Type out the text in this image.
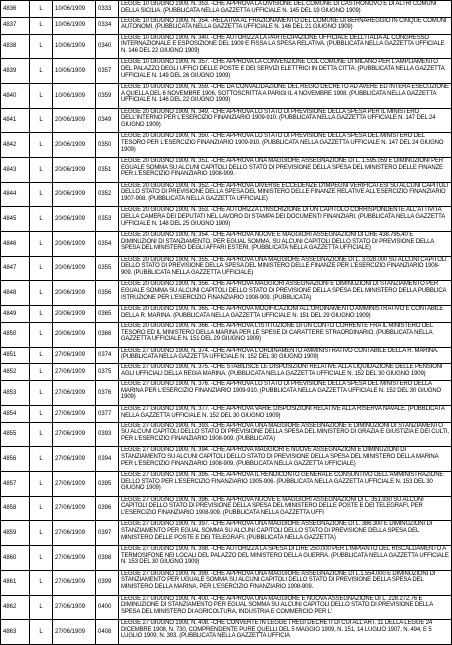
4836	L	10/06/1909	0333	LEGGE 10 GIUGNO 1909, N. 353. -CHE APPROVA LA DIVISIONE DEL COMUNE DI CASTRONOVO E DI ALTRI COMUNI DELLA SICILIA. (PUBBLICATA NELLA GAZZETTA UFFICIALE N. 145 DEL 19 GIUGNO 1909)
4837	L	10/06/1909	0334	LEGGE 10 GIUGNO 1909, N. 354. -RELATIVA AL FRAZIONAMENTO DEL COMUNE DI BERNAREGGIO IN CINQUE COMUNI AUTONOMI. (PUBBLICATA NELLA GAZZETTA UFFICIALE N. 146 DEL 21 GIUGNO 1909)
4838	L	10/06/1909	0340	LEGGE 10 GIUGNO 1909, N. 340. -CHE AUTORIZZA LA PARTECIPAZIONE UFFICIALE DELL'ITALIA AL CONGRESSO INTERNAZIONALE E ESPOSIZIONE DEL 1909 E FISSA LA SPESA RELATIVA. (PUBBLICATA NELLA GAZZETTA UFFICIALE N. 146 DEL 22 GIUGNO 1909)
4839	L	10/06/1909	0357	LEGGE 10 GIUGNO 1909, N. 357. -CHE APPROVA LA CONVENZIONE COL COMUNE DI MILANO PER L'AMPLIAMENTO DEL PALAZZO DEGLI UFFICI DELLE POSTE E DEI SERVIZI ELETTRICI IN DETTA CITTA. (PUBBLICATA NELLA GAZZETTA UFFICIALE N. 149 DEL 26 GIUGNO 1909)
4840	L	10/06/1909	0359	LEGGE 10 GIUGNO 1909, N. 359. -CHE DA CONVALIDAZIONE DEL REGIO DECRETO AD AVERE ED INTERA ESECUZIONE A QUELLA DEL 6 NOVEMBRE 1906, SOTTOSCRITTA A PARIGI IL 4 NOVEMBRE 1908. (PUBBLICATA NELLA GAZZETTA UFFICIALE N. 146 DEL 22 GIUGNO 1909)
4841	L	20/06/1909	0349	LEGGE 20 GIUGNO 1909, N. 349. -CHE APPROVA LO STATO DI PREVISIONE DELLA SPESA PER IL MINISTERO DELL'INTERNO PER L'ESERCIZIO FINANZIARIO 1909-910. (PUBBLICATA NELLA GAZZETTA UFFICIALE N. 147 DEL 24 GIUGNO 1909)
4842	L	20/06/1909	0350	LEGGE 20 GIUGNO 1909, N. 350. -CHE APPROVA LO STATO DI PREVISIONE DELLA SPESA DEL MINISTERO DEL TESORO PER L'ESERCIZIO FINANZIARIO 1909-910. (PUBBLICATA NELLA GAZZETTA UFFICIALE N. 147 DEL 24 GIUGNO 1909)
4843	L	20/06/1909	0351	LEGGE 20 GIUGNO 1909, N. 351. -CHE APPROVA UNA MAGGIORE ASSEGNAZIONE DI L. 1.595.059 E DIMINUZIONI PER EGUALE SOMMA SU ALCUNI CAPITOLI DELLO STATO DI PREVISIONE DELLA SPESA DEL MINISTERO DELLE FINANZE PER L'ESERCIZIO FINANZIARIO 1908-909.
4844	L	20/06/1909	0352	LEGGE 20 GIUGNO 1909, N. 352. -CHE APPROVA DIVERSE ECCEDENZE D'IMPEGNI VERIFICATESI SU ALCUNI CAPITOLI DELLO STATO DI PREVISIONE DELLA SPESA DEL MINISTERO DELLE FINANZE RELATIVE ALL'ESERCIZIO FINANZIARIO 1907-908. (PUBBLICATA NELLA GAZZETTA UFFICIALE)
4845	L	20/06/1909	0353	LEGGE 20 GIUGNO 1909, N. 353. -CHE AUTORIZZA L'INSCRIZIONE DI UN CAPITOLO CORRISPONDENTE ALL'ATTIVITA DELLA CAMERA DEI DEPUTATI NEL LAVORO DI STAMPA DEI DOCUMENTI FINANZIARI. (PUBBLICATA NELLA GAZZETTA UFFICIALE N. 148 DEL 25 GIUGNO 1909)
4846	L	20/06/1909	0354	LEGGE 20 GIUGNO 1909, N. 354. -CHE APPROVA NUOVE E MAGGIORI ASSEGNAZIONI DI LIRE 438.795,40 E DIMINUZIONI DI STANZIAMENTO, PER EGUAL SOMMA, SU ALCUNI CAPITOLI DELLO STATO DI PREVISIONE DELLA SPESA DEL MINISTERO DEGLI AFFARI ESTERI. (PUBBLICATA NELLA GAZZETTA UFFICIALE)
4847	L	20/06/1909	0355	LEGGE 20 GIUGNO 1909, N. 355. -CHE APPROVA UNA MAGGIORE ASSEGNAZIONE DI L. 3.028.000 SU ALCUNI CAPITOLI DELLO STATO DI PREVISIONE DELLA SPESA DEL MINISTERO DELLE FINANZE PER L'ESERCIZIO FINANZIARIO 1908-909. (PUBBLICATA NELLA GAZZETTA UFFICIALE)
4848	L	20/06/1909	0356	LEGGE 20 GIUGNO 1909, N. 356. -CHE APPROVA MAGGIORI ASSEGNAZIONI E DIMINUZIONI DI STANZIAMENTO PER EGUALE SOMMA SU ALCUNI CAPITOLI DELLO STATO DI PREVISIONE DELLA SPESA DEL MINISTERO DELLA PUBBLICA ISTRUZIONE PER L'ESERCIZIO FINANZIARIO 1908-909. (PUBBLICATA)
4849	L	20/06/1909	0365	LEGGE 20 GIUGNO 1909, N. 365. -CHE APPROVA MODIFICAZIONI ALL'ORDINAMENTO AMMINISTRATIVO E CONTABILE DELLA R. MARINA. (PUBBLICATA NELLA GAZZETTA UFFICIALE N. 151 DEL 29 GIUGNO 1909)
4850	L	20/06/1909	0366	LEGGE 20 GIUGNO 1909, N. 366. -CHE APPROVA L'ISTITUZIONE DI UN CONTO CORRENTE FRA IL MINISTERO DEL TESORO ED IL MINISTERO DELLA MARINA PER LE SPESE DI CARATTERE STRAORDINARIO. (PUBBLICATA NELLA GAZZETTA UFFICIALE N. 151 DEL 29 GIUGNO 1909)
4851	L	27/06/1909	0374	LEGGE 27 GIUGNO 1909, N. 374. -CHE APPROVA L'ORDINAMENTO AMMINISTRATIVO CONTABILE DELLA R. MARINA. (PUBBLICATA NELLA GAZZETTA UFFICIALE N. 152 DEL 30 GIUGNO 1909)
4852	L	27/06/1909	0375	LEGGE 27 GIUGNO 1909, N. 375. -CHE STABILISCE LE DISPOSIZIONI RELATIVE ALLA LIQUIDAZIONE DELLE PENSIONI AGLI UFFICIALI DELLA REGIA MARINA. (PUBBLICATA NELLA GAZZETTA UFFICIALE N. 152 DEL 30 GIUGNO 1909)
4853	L	27/06/1909	0376	LEGGE 27 GIUGNO 1909, N. 376. -CHE APPROVA LO STATO DI PREVISIONE DELLA SPESA DEL MINISTERO DELLA MARINA PER L'ESERCIZIO FINANZIARIO 1909-910. (PUBBLICATA NELLA GAZZETTA UFFICIALE N. 152 DEL 30 GIUGNO 1909)
4854	L	27/06/1909	0377	LEGGE 27 GIUGNO 1909, N. 377. -CHE APPROVA VARIE DISPOSIZIONI RELATIVE ALLA RISERVA NAVALE. (PUBBLICATA NELLA GAZZETTA UFFICIALE N. 152 DEL 30 GIUGNO 1909)
4855	L	27/06/1909	0393	LEGGE 27 GIUGNO 1909, N. 393. -CHE APPROVA UNA MAGGIORE ASSEGNAZIONE E DIMINUZIONI DI STANZIAMENTO SU ALCUNI CAPITOLI DELLO STATO DI PREVISIONE DELLA SPESA DEL MINISTERO DI GRAZIA E GIUSTIZIA E DEI CULTI, PER L'ESERCIZIO FINANZIARIO 1908-909. (PUBBLICATA)
4856	L	27/06/1909	0394	LEGGE 27 GIUGNO 1909, N. 394. -CHE APPROVA MAGGIORI E NUOVE ASSEGNAZIONI E DIMINUZIONI DI STANZIAMENTO SU ALCUNI CAPITOLI DELLO STATO DI PREVISIONE DELLA SPESA DEL MINISTERO DELLA MARINA PER L'ESERCIZIO FINANZIARIO 1908-909. (PUBBLICATA NELLA GAZZETTA UFFICIALE)
4857	L	27/06/1909	0395	LEGGE 27 GIUGNO 1909, N. 395. -CHE APPROVA IL RENDICONTO GENERALE CONSUNTIVO DELL'AMMINISTRAZIONE DELLO STATO PER L'ESERCIZIO FINANZIARIO 1905-906. (PUBBLICATA NELLA GAZZETTA UFFICIALE N. 153 DEL 30 GIUGNO 1909)
4858	L	27/06/1909	0396	LEGGE 27 GIUGNO 1909, N. 396. -CHE APPROVA NUOVE E MAGGIORI ASSEGNAZIONI DI L. 351.930 SU ALCUNI CAPITOLI DELLO STATO DI PREVISIONE DELLA SPESA DEL MINISTERO DELLE POSTE E DEI TELEGRAFI, PER L'ESERCIZIO FINANZIARIO 1908-909. (PUBBLICATA NELLA GAZZETTA UFFI
4859	L	27/06/1909	0397	LEGGE 27 GIUGNO 1909, N. 397. -CHE APPROVA UNA MAGGIORE ASSEGNAZIONE DI L. 386.300 E DIMINUZIONI DI STANZIAMENTO PER EGUAL SOMMA SU ALCUNI CAPITOLI DELLO STATO DI PREVISIONE DELLA SPESA DEL MINISTERO DELLE POSTE E DEI TELEGRAFI. (PUBBLICATA NELLA GAZZETTA)
4860	L	27/06/1909	0398	LEGGE 27 GIUGNO 1909, N. 398. -CHE AUTORIZZA LA SPESA DI LIRE 250.000 PER L'IMPIANTO DEL RISCALDAMENTO A TERMOSIFONE NEI LOCALI DEL PALAZZO DEL MINISTERO DELLA GUERRA. (PUBBLICATA NELLA GAZZETTA UFFICIALE N. 153 DEL 30 GIUGNO 1909)
4861	L	27/06/1909	0399	LEGGE 27 GIUGNO 1909, N. 399. -CHE APPROVA UNA MAGGIORE ASSEGNAZIONE DI L.1.554.000 E DIMINUZIONI DI STANZIAMENTO PER UGUALE SOMMA SU ALCUNI CAPITOLI DELLO STATO DI PREVISIONE DELLA SPESA DEL MINISTERO DELLA MARINA, PER L'ESERCIZIO FINANZIARIO 1908-909.
4862	L	27/06/1909	0400	LEGGE 27 GIUGNO 1909, N. 400. -CHE APPROVA UNA MAGGIORE E NUOVA ASSEGNAZIONE DI L. 228.272,76 E DIMINUZIONE DI STANZIAMENTO PER EGUAL SOMMA SU ALCUNI CAPITOLI DELLO STATO DI PREVISIONE DELLA SPESA DEL MINISTERO DI AGRICOLTURA, INDUSTRIA E COMMERCIO PER L'
4863	L	27/06/1909	0408	LEGGE 27 GIUGNO 1909, N. 408. -CHE CONVERTE IN LEGGE I REGI DECRETI DI CUI ALL'ART. 11 DELLA LEGGE 24 DICEMBRE 1908, N. 730, COMPRENDENTE PURE QUELLI DEL 5 MAGGIO 1909, N. 151, 14 LUGLIO 1907, N. 494, E 5 LUGLIO 1909, N. 393. (PUBBLICATA NELLA GAZZETTA UFFICIA
